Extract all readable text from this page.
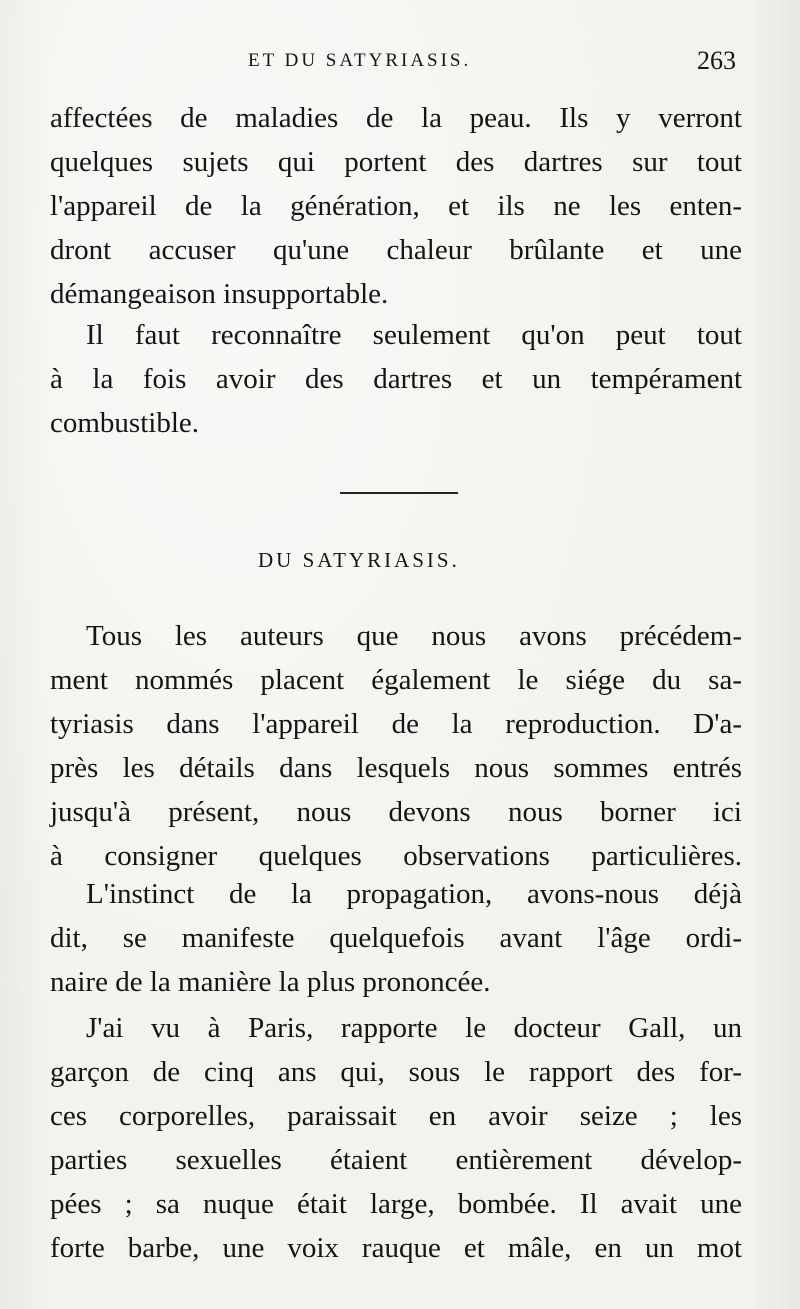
ET DU SATYRIASIS.	263
affectées de maladies de la peau. Ils y verront
quelques sujets qui portent des dartres sur tout
l'appareil de la génération, et ils ne les enten-
dront accuser qu'une chaleur brûlante et une
démangeaison insupportable.
Il faut reconnaître seulement qu'on peut tout
à la fois avoir des dartres et un tempérament
combustible.
DU SATYRIASIS.
Tous les auteurs que nous avons précédem-
ment nommés placent également le siége du sa-
tyriasis dans l'appareil de la reproduction. D'a-
près les détails dans lesquels nous sommes entrés
jusqu'à présent, nous devons nous borner ici
à consigner quelques observations particulières.
L'instinct de la propagation, avons-nous déjà
dit, se manifeste quelquefois avant l'âge ordi-
naire de la manière la plus prononcée.
J'ai vu à Paris, rapporte le docteur Gall, un
garçon de cinq ans qui, sous le rapport des for-
ces corporelles, paraissait en avoir seize ; les
parties sexuelles étaient entièrement dévelop-
pées ; sa nuque était large, bombée. Il avait une
forte barbe, une voix rauque et mâle, en un mot
